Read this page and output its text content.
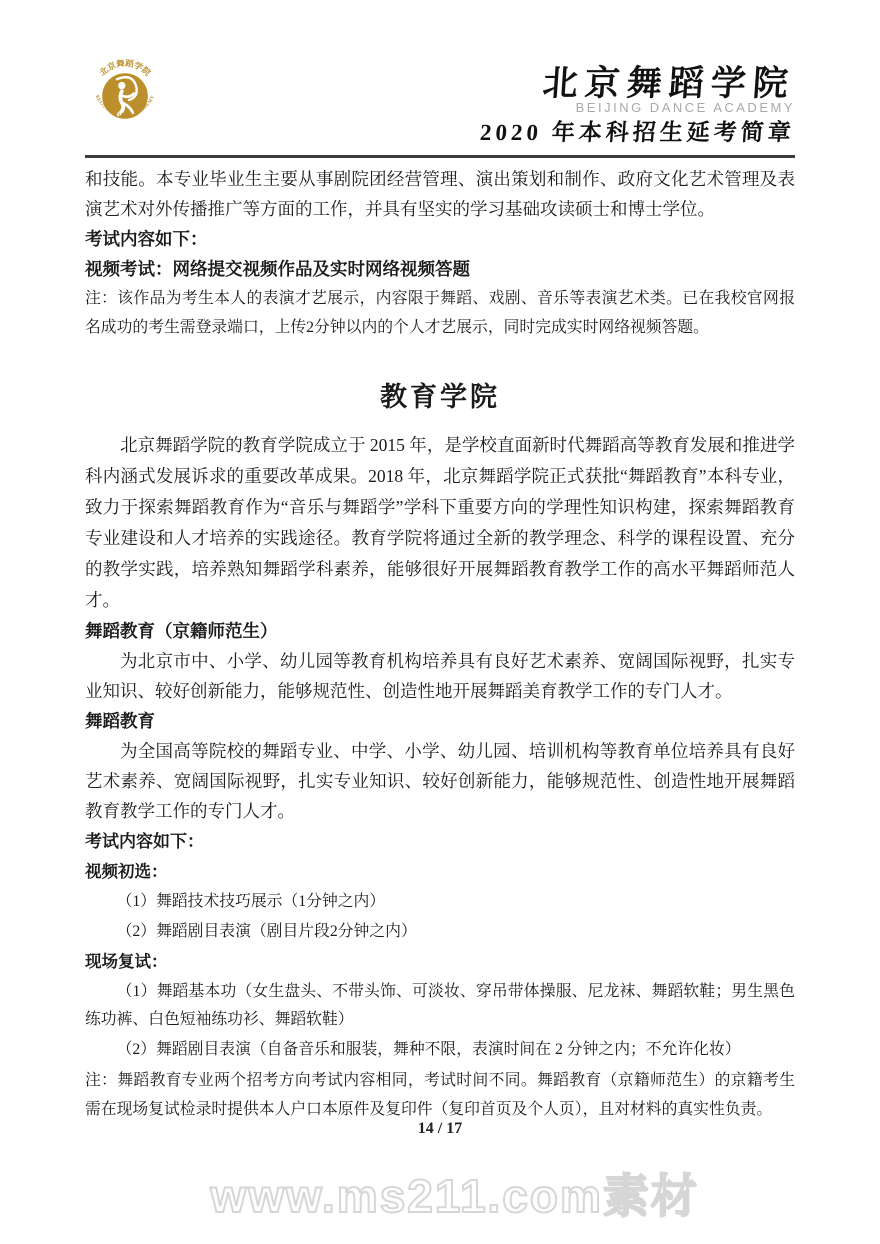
北京舞蹈学院
BEIJING DANCE ACADEMY	北京舞蹈学院
BEIJING DANCE ACADEMY
2020 年本科招生延考简章

和技能。本专业毕业生主要从事剧院团经营管理、演出策划和制作、政府文化艺术管理及表演艺术对外传播推广等方面的工作，并具有坚实的学习基础攻读硕士和博士学位。

考试内容如下：

视频考试：网络提交视频作品及实时网络视频答题

注：该作品为考生本人的表演才艺展示，内容限于舞蹈、戏剧、音乐等表演艺术类。已在我校官网报名成功的考生需登录端口，上传2分钟以内的个人才艺展示，同时完成实时网络视频答题。

教育学院

北京舞蹈学院的教育学院成立于 2015 年，是学校直面新时代舞蹈高等教育发展和推进学科内涵式发展诉求的重要改革成果。2018 年，北京舞蹈学院正式获批“舞蹈教育”本科专业，致力于探索舞蹈教育作为“音乐与舞蹈学”学科下重要方向的学理性知识构建，探索舞蹈教育专业建设和人才培养的实践途径。教育学院将通过全新的教学理念、科学的课程设置、充分的教学实践，培养熟知舞蹈学科素养，能够很好开展舞蹈教育教学工作的高水平舞蹈师范人才。

舞蹈教育（京籍师范生）

为北京市中、小学、幼儿园等教育机构培养具有良好艺术素养、宽阔国际视野，扎实专业知识、较好创新能力，能够规范性、创造性地开展舞蹈美育教学工作的专门人才。

舞蹈教育

为全国高等院校的舞蹈专业、中学、小学、幼儿园、培训机构等教育单位培养具有良好艺术素养、宽阔国际视野，扎实专业知识、较好创新能力，能够规范性、创造性地开展舞蹈教育教学工作的专门人才。

考试内容如下：

视频初选：

（1）舞蹈技术技巧展示（1分钟之内）

（2）舞蹈剧目表演（剧目片段2分钟之内）

现场复试：

（1）舞蹈基本功（女生盘头、不带头饰、可淡妆、穿吊带体操服、尼龙袜、舞蹈软鞋；男生黑色练功裤、白色短袖练功衫、舞蹈软鞋）

（2）舞蹈剧目表演（自备音乐和服装，舞种不限，表演时间在 2 分钟之内；不允许化妆）

注：舞蹈教育专业两个招考方向考试内容相同，考试时间不同。舞蹈教育（京籍师范生）的京籍考生需在现场复试检录时提供本人户口本原件及复印件（复印首页及个人页），且对材料的真实性负责。

14 / 17
www.ms211.com素材
